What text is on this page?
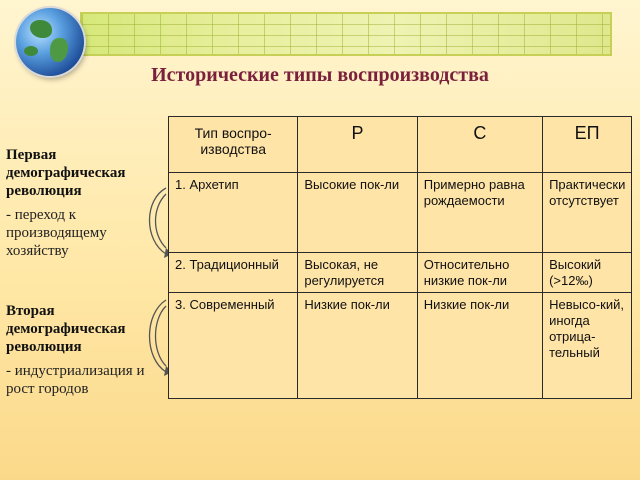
Исторические типы воспроизводства
Первая демографическая революция
- переход к производящему хозяйству
Вторая демографическая революция
- индустриализация и рост городов
Тип воспро-изводства	Р	С	ЕП

1. Архетип	Высокие пок-ли	Примерно равна рождаемости	Практически отсутствует

2. Традиционный	Высокая, не регулируется	Относительно низкие пок-ли	Высокий (>12‰)

3. Современный	Низкие пок-ли	Низкие пок-ли	Невысо-кий, иногда отрица-тельный
